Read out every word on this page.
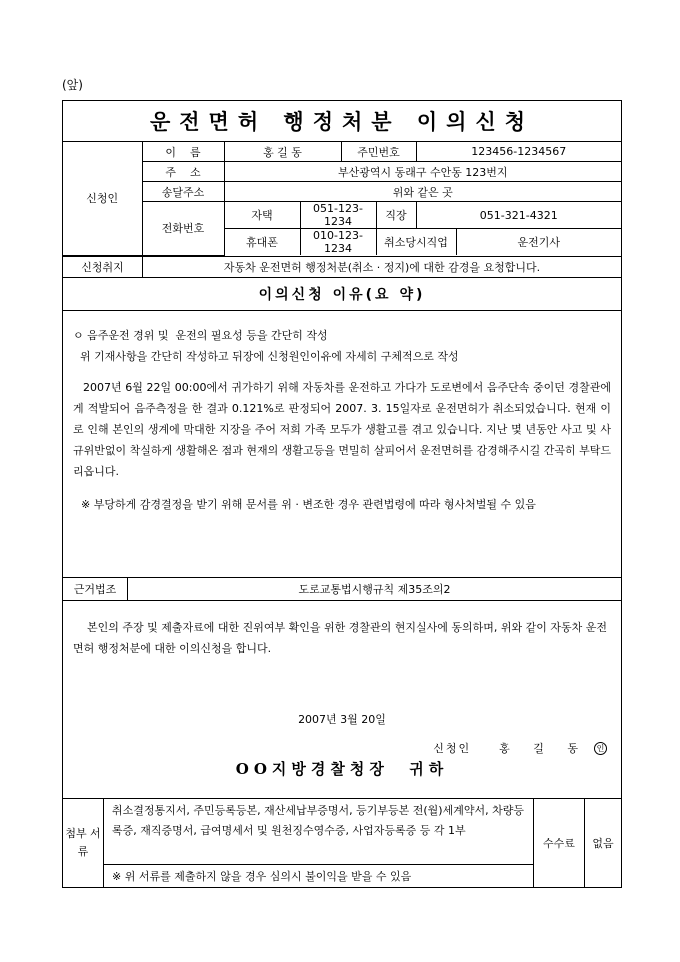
(앞)
운전면허 행정처분 이의신청
신청인	이    름	홍 길 동		주민번호		123456-1234567	
	주    소	부산광역시 동래구 수안동 123번지					
	송달주소	위와 같은 곳					
	전화번호	자택	051-123-1234		직장	051-321-4321	
		휴대폰	010-123-1234		취소당시직업		운전기사
신청취지	자동차 운전면허 행정처분(취소 · 정지)에 대한 감경을 요청합니다.
이의신청 이유(요 약)

ㅇ 음주운전 경위 및  운전의 필요성 등을 간단히 작성

위 기재사항을 간단히 작성하고 뒤장에 신청원인이유에 자세히 구체적으로 작성

2007년 6월 22일 00:00에서 귀가하기 위해 자동차를 운전하고 가다가 도로변에서 음주단속 중이던 경찰관에게 적발되어 음주측정을 한 결과 0.121%로 판정되어 2007. 3. 15일자로 운전면허가 취소되었습니다. 현재 이로 인해 본인의 생계에 막대한 지장을 주어 저희 가족 모두가 생활고를 겪고 있습니다. 지난 몇 년동안 사고 및 사규위반없이 착실하게 생활해온 점과 현재의 생활고등을 면밀히 살피어서 운전면허를 감경해주시길 간곡히 부탁드리옵니다.

※ 부당하게 감경결정을 받기 위해 문서를 위 · 변조한 경우 관련법령에 따라 형사처벌될 수 있음

근거법조	도로교통법시행규칙 제35조의2

본인의 주장 및 제출자료에 대한 진위여부 확인을 위한 경찰관의 현지실사에 동의하며, 위와 같이 자동차 운전면허 행정처분에 대한 이의신청을 합니다.

2007년 3월 20일
신청인	홍 길 동 인
OO지방경찰청장  귀하
첨부 서류
취소결정통지서, 주민등록등본, 재산세납부증명서, 등기부등본 전(월)세계약서, 차량등록증, 재직증명서, 급여명세서 및 원천징수영수증, 사업자등록증 등 각 1부
※ 위 서류를 제출하지 않을 경우 심의시 불이익을 받을 수 있음
수수료	없음
